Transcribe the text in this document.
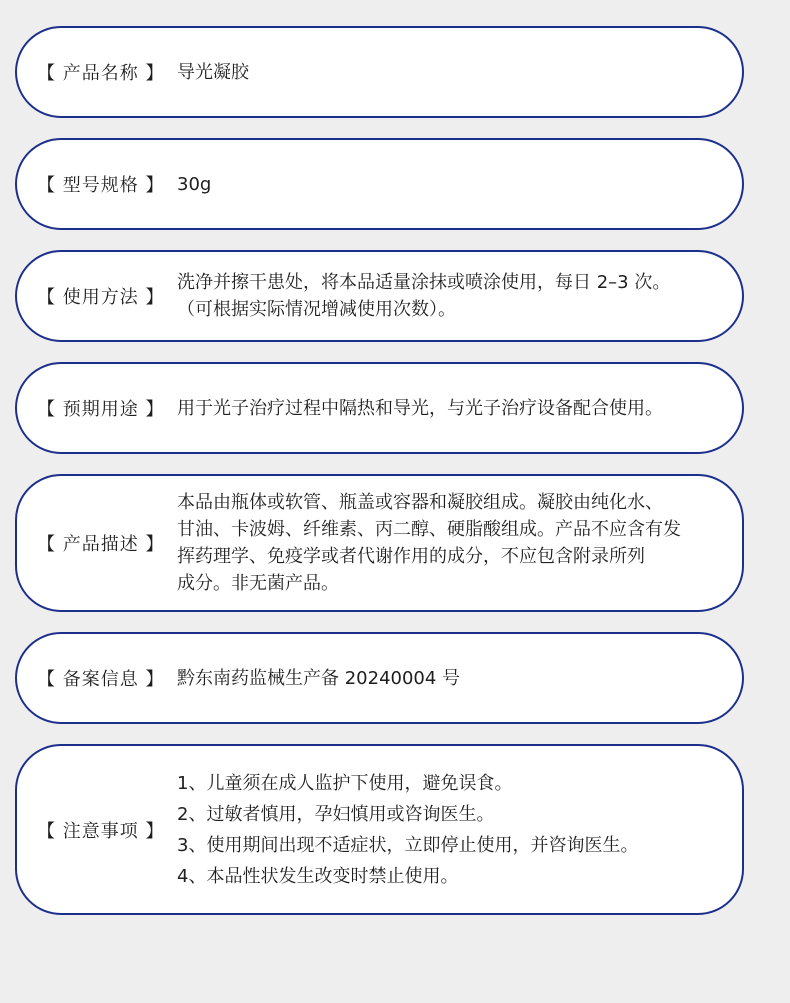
【 产品名称 】 导光凝胶
【 型号规格 】 30g
【 使用方法 】
洗净并擦干患处，将本品适量涂抹或喷涂使用，每日 2–3 次。
（可根据实际情况增减使用次数）。
【 预期用途 】 用于光子治疗过程中隔热和导光，与光子治疗设备配合使用。
【 产品描述 】
本品由瓶体或软管、瓶盖或容器和凝胶组成。凝胶由纯化水、
甘油、卡波姆、纤维素、丙二醇、硬脂酸组成。产品不应含有发
挥药理学、免疫学或者代谢作用的成分，不应包含附录所列
成分。非无菌产品。
【 备案信息 】 黔东南药监械生产备 20240004 号
【 注意事项 】
1、儿童须在成人监护下使用，避免误食。
2、过敏者慎用，孕妇慎用或咨询医生。
3、使用期间出现不适症状，立即停止使用，并咨询医生。
4、本品性状发生改变时禁止使用。
